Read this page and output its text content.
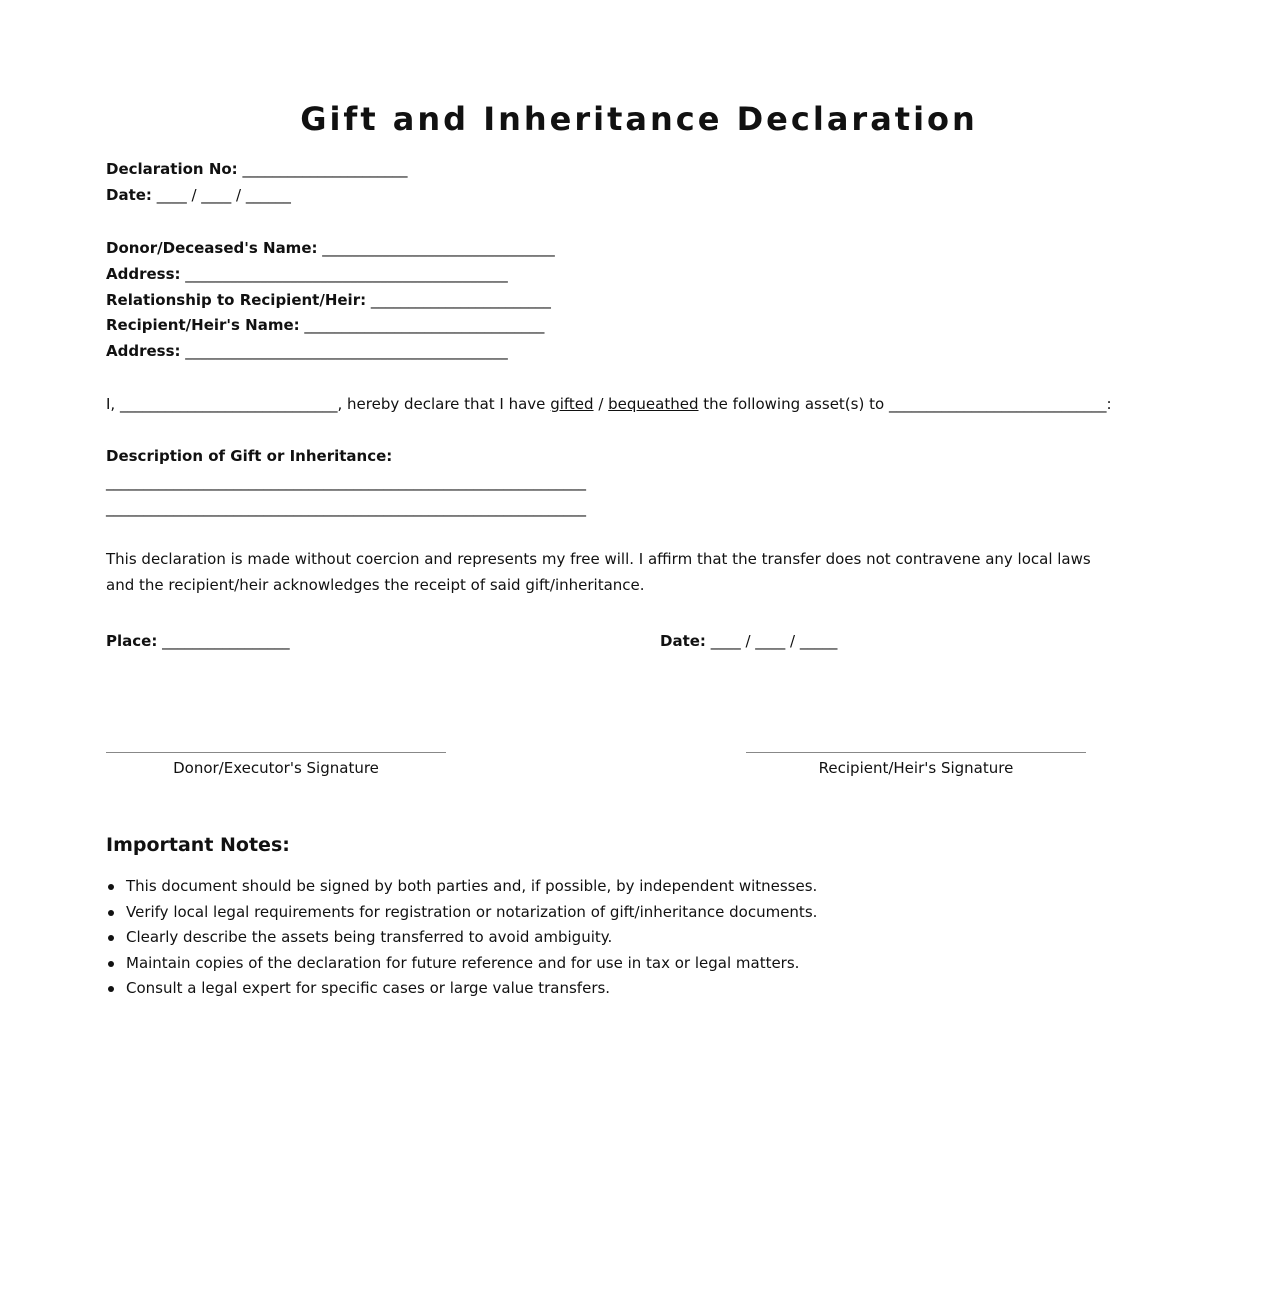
Gift and Inheritance Declaration
Declaration No: ______________________
Date: ____ / ____ / ______
Donor/Deceased's Name: _______________________________
Address: ___________________________________________
Relationship to Recipient/Heir: ________________________
Recipient/Heir's Name: ________________________________
Address: ___________________________________________
I, _____________________________, hereby declare that I have gifted / bequeathed the following asset(s) to _____________________________:
Description of Gift or Inheritance:
________________________________________________________________
________________________________________________________________

This declaration is made without coercion and represents my free will. I affirm that the transfer does not contravene any local laws and the recipient/heir acknowledges the receipt of said gift/inheritance.

Place: _________________	Date: ____ / ____ / _____
Donor/Executor's Signature	Recipient/Heir's Signature
Important Notes:
This document should be signed by both parties and, if possible, by independent witnesses.
Verify local legal requirements for registration or notarization of gift/inheritance documents.
Clearly describe the assets being transferred to avoid ambiguity.
Maintain copies of the declaration for future reference and for use in tax or legal matters.
Consult a legal expert for specific cases or large value transfers.
